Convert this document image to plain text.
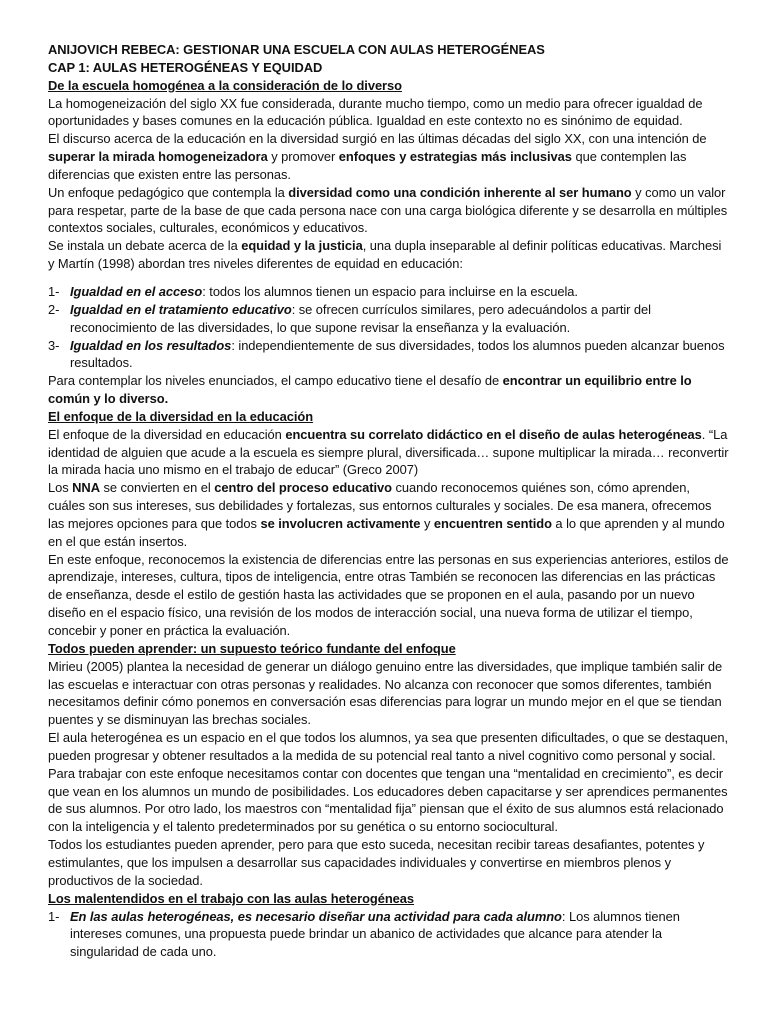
ANIJOVICH REBECA: GESTIONAR UNA ESCUELA CON AULAS HETEROGÉNEAS

CAP 1: AULAS HETEROGÉNEAS Y EQUIDAD

De la escuela homogénea a la consideración de lo diverso

La homogeneización del siglo XX fue considerada, durante mucho tiempo, como un medio para ofrecer igualdad de oportunidades y bases comunes en la educación pública. Igualdad en este contexto no es sinónimo de equidad.

El discurso acerca de la educación en la diversidad surgió en las últimas décadas del siglo XX, con una intención de superar la mirada homogeneizadora y promover enfoques y estrategias más inclusivas que contemplen las diferencias que existen entre las personas.

Un enfoque pedagógico que contempla la diversidad como una condición inherente al ser humano y como un valor para respetar, parte de la base de que cada persona nace con una carga biológica diferente y se desarrolla en múltiples contextos sociales, culturales, económicos y educativos.

Se instala un debate acerca de la equidad y la justicia, una dupla inseparable al definir políticas educativas. Marchesi y Martín (1998) abordan tres niveles diferentes de equidad en educación:

1- Igualdad en el acceso: todos los alumnos tienen un espacio para incluirse en la escuela.
2- Igualdad en el tratamiento educativo: se ofrecen currículos similares, pero adecuándolos a partir del reconocimiento de las diversidades, lo que supone revisar la enseñanza y la evaluación.
3- Igualdad en los resultados: independientemente de sus diversidades, todos los alumnos pueden alcanzar buenos resultados.

Para contemplar los niveles enunciados, el campo educativo tiene el desafío de encontrar un equilibrio entre lo común y lo diverso.

El enfoque de la diversidad en la educación

El enfoque de la diversidad en educación encuentra su correlato didáctico en el diseño de aulas heterogéneas. “La identidad de alguien que acude a la escuela es siempre plural, diversificada… supone multiplicar la mirada… reconvertir la mirada hacia uno mismo en el trabajo de educar” (Greco 2007)

Los NNA se convierten en el centro del proceso educativo cuando reconocemos quiénes son, cómo aprenden, cuáles son sus intereses, sus debilidades y fortalezas, sus entornos culturales y sociales. De esa manera, ofrecemos las mejores opciones para que todos se involucren activamente y encuentren sentido a lo que aprenden y al mundo en el que están insertos.

En este enfoque, reconocemos la existencia de diferencias entre las personas en sus experiencias anteriores, estilos de aprendizaje, intereses, cultura, tipos de inteligencia, entre otras También se reconocen las diferencias en las prácticas de enseñanza, desde el estilo de gestión hasta las actividades que se proponen en el aula, pasando por un nuevo diseño en el espacio físico, una revisión de los modos de interacción social, una nueva forma de utilizar el tiempo, concebir y poner en práctica la evaluación.

Todos pueden aprender: un supuesto teórico fundante del enfoque

Mirieu (2005) plantea la necesidad de generar un diálogo genuino entre las diversidades, que implique también salir de las escuelas e interactuar con otras personas y realidades. No alcanza con reconocer que somos diferentes, también necesitamos definir cómo ponemos en conversación esas diferencias para lograr un mundo mejor en el que se tiendan puentes y se disminuyan las brechas sociales.

El aula heterogénea es un espacio en el que todos los alumnos, ya sea que presenten dificultades, o que se destaquen, pueden progresar y obtener resultados a la medida de su potencial real tanto a nivel cognitivo como personal y social.

Para trabajar con este enfoque necesitamos contar con docentes que tengan una “mentalidad en crecimiento”, es decir que vean en los alumnos un mundo de posibilidades. Los educadores deben capacitarse y ser aprendices permanentes de sus alumnos. Por otro lado, los maestros con “mentalidad fija” piensan que el éxito de sus alumnos está relacionado con la inteligencia y el talento predeterminados por su genética o su entorno sociocultural.

Todos los estudiantes pueden aprender, pero para que esto suceda, necesitan recibir tareas desafiantes, potentes y estimulantes, que los impulsen a desarrollar sus capacidades individuales y convertirse en miembros plenos y productivos de la sociedad.

Los malentendidos en el trabajo con las aulas heterogéneas

1- En las aulas heterogéneas, es necesario diseñar una actividad para cada alumno: Los alumnos tienen intereses comunes, una propuesta puede brindar un abanico de actividades que alcance para atender la singularidad de cada uno.
